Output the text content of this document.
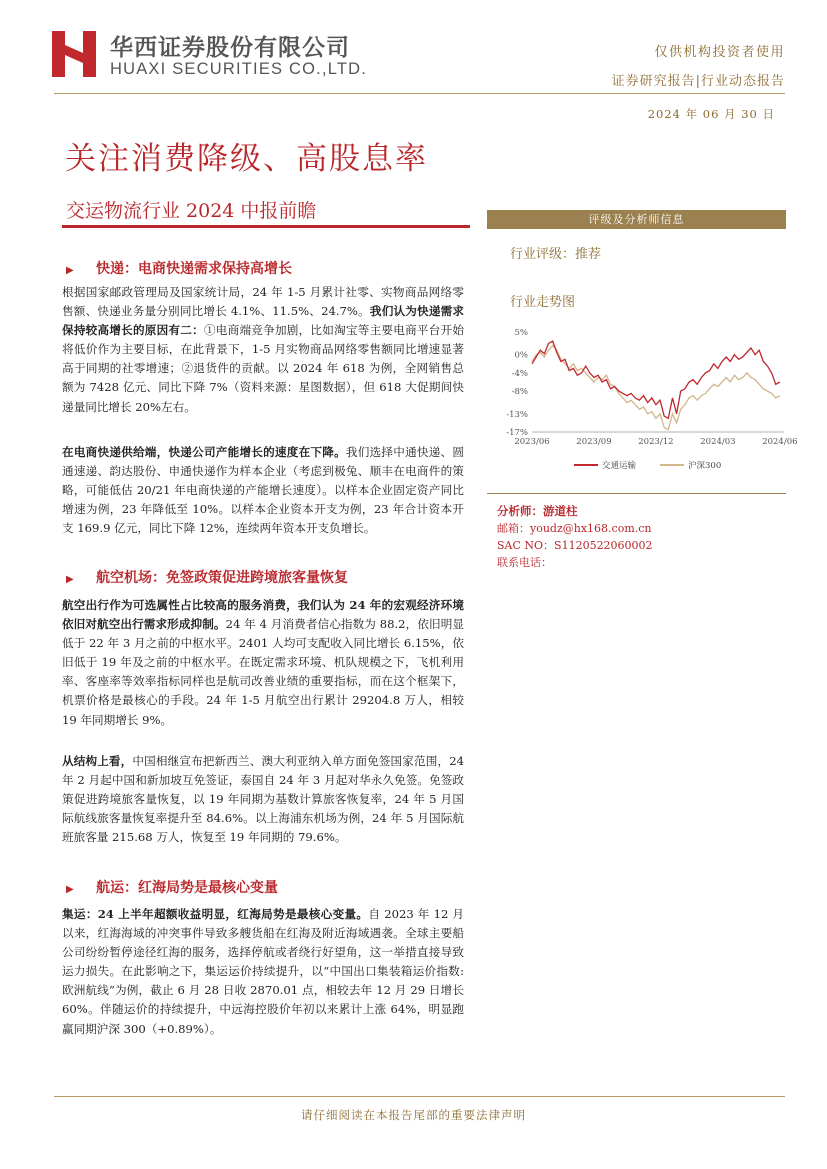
华西证券股份有限公司
HUAXI SECURITIES CO.,LTD.
仅供机构投资者使用
证券研究报告|行业动态报告
2024 年 06 月 30 日
关注消费降级、高股息率
交运物流行业 2024 中报前瞻
▶ 快递：电商快递需求保持高增长
根据国家邮政管理局及国家统计局，24 年 1-5 月累计社零、实物商品网络零售额、快递业务量分别同比增长 4.1%、11.5%、24.7%。我们认为快递需求保持较高增长的原因有二：①电商端竞争加剧，比如淘宝等主要电商平台开始将低价作为主要目标，在此背景下，1-5 月实物商品网络零售额同比增速显著高于同期的社零增速；②退货件的贡献。以 2024 年 618 为例，全网销售总额为 7428 亿元、同比下降 7%（资料来源：星图数据），但 618 大促期间快递量同比增长 20%左右。
在电商快递供给端，快递公司产能增长的速度在下降。我们选择中通快递、圆通速递、韵达股份、申通快递作为样本企业（考虑到极兔、顺丰在电商件的策略，可能低估 20/21 年电商快递的产能增长速度）。以样本企业固定资产同比增速为例，23 年降低至 10%。以样本企业资本开支为例，23 年合计资本开支 169.9 亿元，同比下降 12%，连续两年资本开支负增长。
▶ 航空机场：免签政策促进跨境旅客量恢复
航空出行作为可选属性占比较高的服务消费，我们认为 24 年的宏观经济环境依旧对航空出行需求形成抑制。24 年 4 月消费者信心指数为 88.2，依旧明显低于 22 年 3 月之前的中枢水平。2401 人均可支配收入同比增长 6.15%，依旧低于 19 年及之前的中枢水平。在既定需求环境、机队规模之下，飞机利用率、客座率等效率指标同样也是航司改善业绩的重要指标，而在这个框架下，机票价格是最核心的手段。24 年 1-5 月航空出行累计 29204.8 万人，相较 19 年同期增长 9%。
从结构上看，中国相继宣布把新西兰、澳大利亚纳入单方面免签国家范围，24 年 2 月起中国和新加坡互免签证，泰国自 24 年 3 月起对华永久免签。免签政策促进跨境旅客量恢复，以 19 年同期为基数计算旅客恢复率，24 年 5 月国际航线旅客量恢复率提升至 84.6%。以上海浦东机场为例，24 年 5 月国际航班旅客量 215.68 万人，恢复至 19 年同期的 79.6%。
▶ 航运：红海局势是最核心变量
集运：24 上半年超额收益明显，红海局势是最核心变量。自 2023 年 12 月以来，红海海域的冲突事件导致多艘货船在红海及附近海域遇袭。全球主要船公司纷纷暂停途径红海的服务，选择停航或者绕行好望角，这一举措直接导致运力损失。在此影响之下，集运运价持续提升，以“中国出口集装箱运价指数:欧洲航线”为例，截止 6 月 28 日收 2870.01 点，相较去年 12 月 29 日增长 60%。伴随运价的持续提升，中远海控股价年初以来累计上涨 64%，明显跑赢同期沪深 300（+0.89%）。
评级及分析师信息
行业评级：推荐
行业走势图
5%
0%
-4%
-8%
-13%
-17%
2023/06	2023/09	2023/12	2024/03	2024/06
交通运输	沪深300
分析师：游道柱
邮箱：youdz@hx168.com.cn
SAC NO：S1120522060002
联系电话：
请仔细阅读在本报告尾部的重要法律声明
